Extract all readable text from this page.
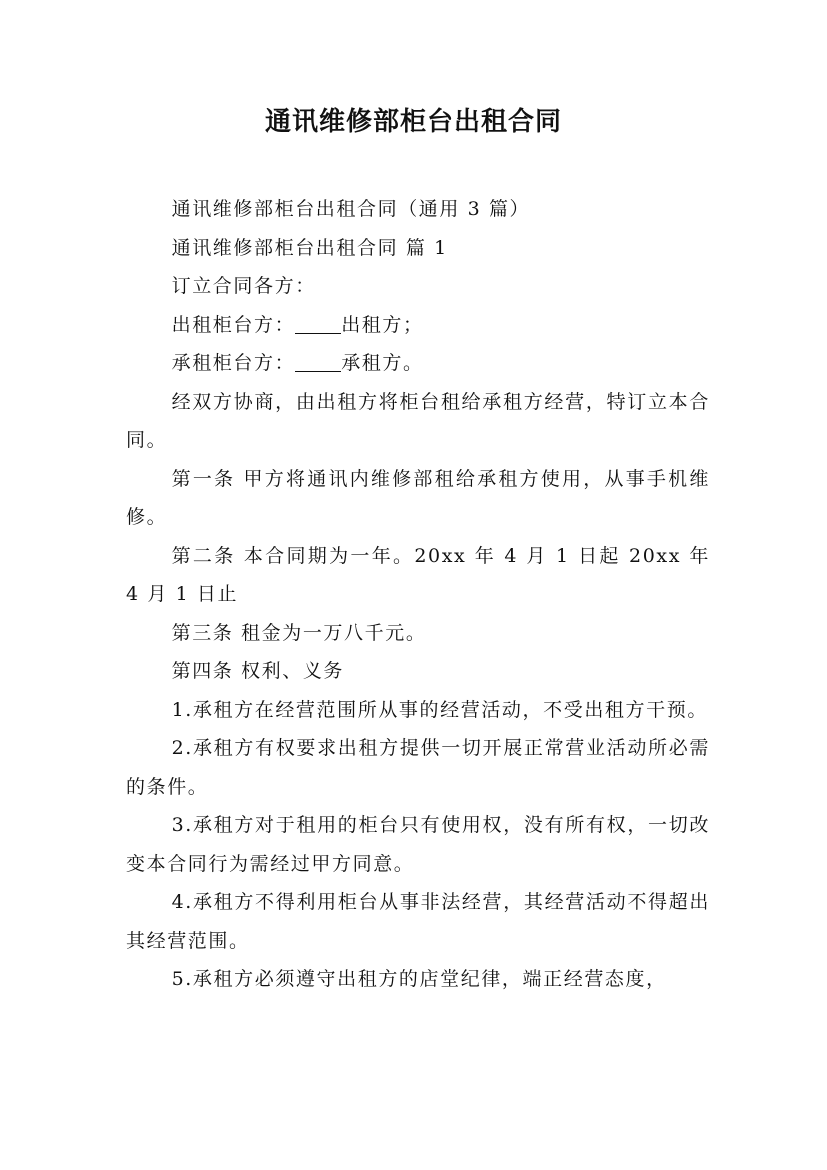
通讯维修部柜台出租合同

通讯维修部柜台出租合同（通用 3 篇）

通讯维修部柜台出租合同 篇 1

订立合同各方：

出租柜台方： 出租方；

承租柜台方： 承租方。

经双方协商，由出租方将柜台租给承租方经营，特订立本合同。

第一条 甲方将通讯内维修部租给承租方使用，从事手机维修。

第二条 本合同期为一年。20xx 年 4 月 1 日起 20xx 年 4 月 1 日止

第三条 租金为一万八千元。

第四条 权利、义务

1.承租方在经营范围所从事的经营活动，不受出租方干预。

2.承租方有权要求出租方提供一切开展正常营业活动所必需的条件。

3.承租方对于租用的柜台只有使用权，没有所有权，一切改变本合同行为需经过甲方同意。

4.承租方不得利用柜台从事非法经营，其经营活动不得超出其经营范围。

5.承租方必须遵守出租方的店堂纪律，端正经营态度，
